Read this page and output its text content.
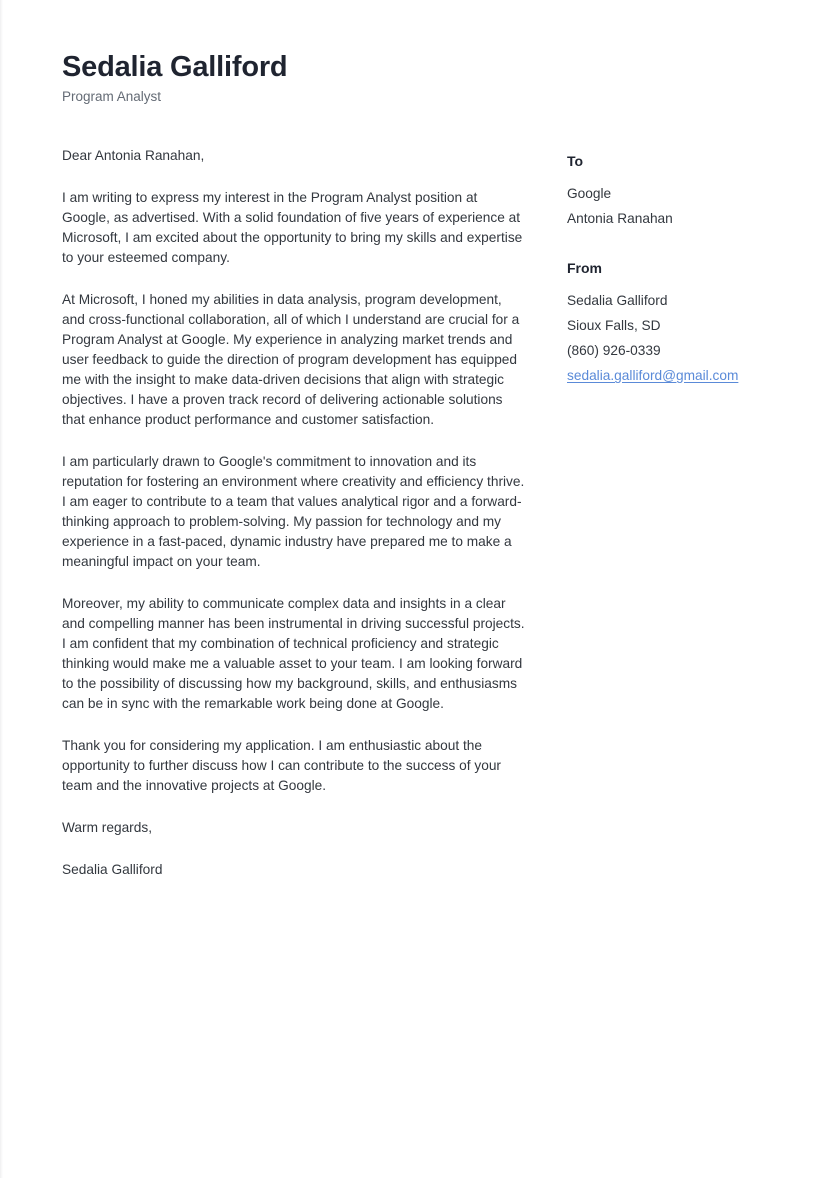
Sedalia Galliford

Program Analyst

Dear Antonia Ranahan,

I am writing to express my interest in the Program Analyst position at Google, as advertised. With a solid foundation of five years of experience at Microsoft, I am excited about the opportunity to bring my skills and expertise to your esteemed company.

At Microsoft, I honed my abilities in data analysis, program development, and cross-functional collaboration, all of which I understand are crucial for a Program Analyst at Google. My experience in analyzing market trends and user feedback to guide the direction of program development has equipped me with the insight to make data-driven decisions that align with strategic objectives. I have a proven track record of delivering actionable solutions that enhance product performance and customer satisfaction.

I am particularly drawn to Google's commitment to innovation and its reputation for fostering an environment where creativity and efficiency thrive. I am eager to contribute to a team that values analytical rigor and a forward-thinking approach to problem-solving. My passion for technology and my experience in a fast-paced, dynamic industry have prepared me to make a meaningful impact on your team.

Moreover, my ability to communicate complex data and insights in a clear and compelling manner has been instrumental in driving successful projects. I am confident that my combination of technical proficiency and strategic thinking would make me a valuable asset to your team. I am looking forward to the possibility of discussing how my background, skills, and enthusiasms can be in sync with the remarkable work being done at Google.

Thank you for considering my application. I am enthusiastic about the opportunity to further discuss how I can contribute to the success of your team and the innovative projects at Google.

Warm regards,

Sedalia Galliford

To
Google
Antonia Ranahan
From
Sedalia Galliford
Sioux Falls, SD
(860) 926-0339
sedalia.galliford@gmail.com
